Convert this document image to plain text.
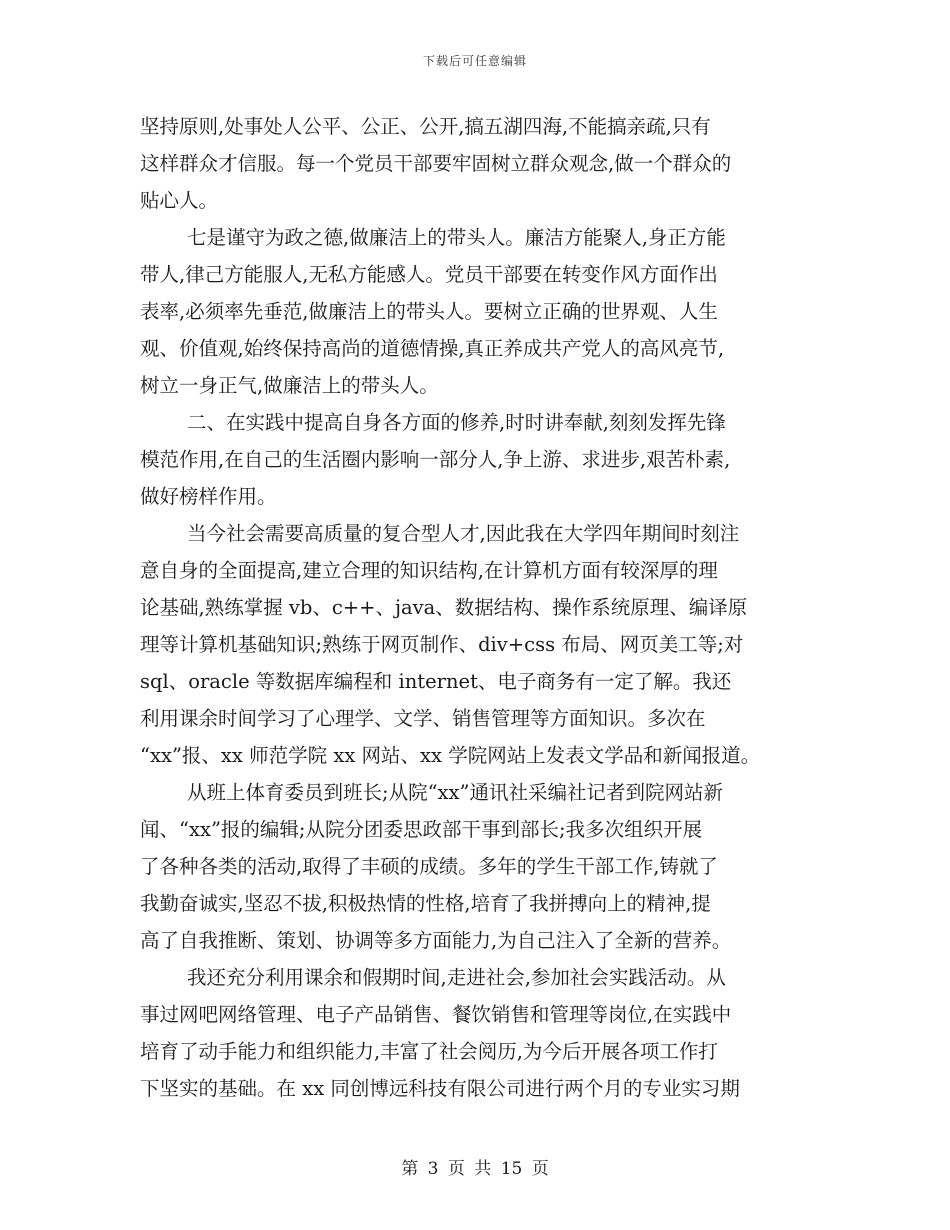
下载后可任意编辑
坚持原则,处事处人公平、公正、公开,搞五湖四海,不能搞亲疏,只有
这样群众才信服。每一个党员干部要牢固树立群众观念,做一个群众的
贴心人。
七是谨守为政之德,做廉洁上的带头人。廉洁方能聚人,身正方能
带人,律己方能服人,无私方能感人。党员干部要在转变作风方面作出
表率,必须率先垂范,做廉洁上的带头人。要树立正确的世界观、人生
观、价值观,始终保持高尚的道德情操,真正养成共产党人的高风亮节,
树立一身正气,做廉洁上的带头人。
二、在实践中提高自身各方面的修养,时时讲奉献,刻刻发挥先锋
模范作用,在自己的生活圈内影响一部分人,争上游、求进步,艰苦朴素,
做好榜样作用。
当今社会需要高质量的复合型人才,因此我在大学四年期间时刻注
意自身的全面提高,建立合理的知识结构,在计算机方面有较深厚的理
论基础,熟练掌握 vb、c++、java、数据结构、操作系统原理、编译原
理等计算机基础知识;熟练于网页制作、div+css 布局、网页美工等;对
sql、oracle 等数据库编程和 internet、电子商务有一定了解。我还
利用课余时间学习了心理学、文学、销售管理等方面知识。多次在
“xx”报、xx 师范学院 xx 网站、xx 学院网站上发表文学品和新闻报道。
从班上体育委员到班长;从院“xx”通讯社采编社记者到院网站新
闻、“xx”报的编辑;从院分团委思政部干事到部长;我多次组织开展
了各种各类的活动,取得了丰硕的成绩。多年的学生干部工作,铸就了
我勤奋诚实,坚忍不拔,积极热情的性格,培育了我拼搏向上的精神,提
高了自我推断、策划、协调等多方面能力,为自己注入了全新的营养。
我还充分利用课余和假期时间,走进社会,参加社会实践活动。从
事过网吧网络管理、电子产品销售、餐饮销售和管理等岗位,在实践中
培育了动手能力和组织能力,丰富了社会阅历,为今后开展各项工作打
下坚实的基础。在 xx 同创博远科技有限公司进行两个月的专业实习期
第 3 页 共 15 页
